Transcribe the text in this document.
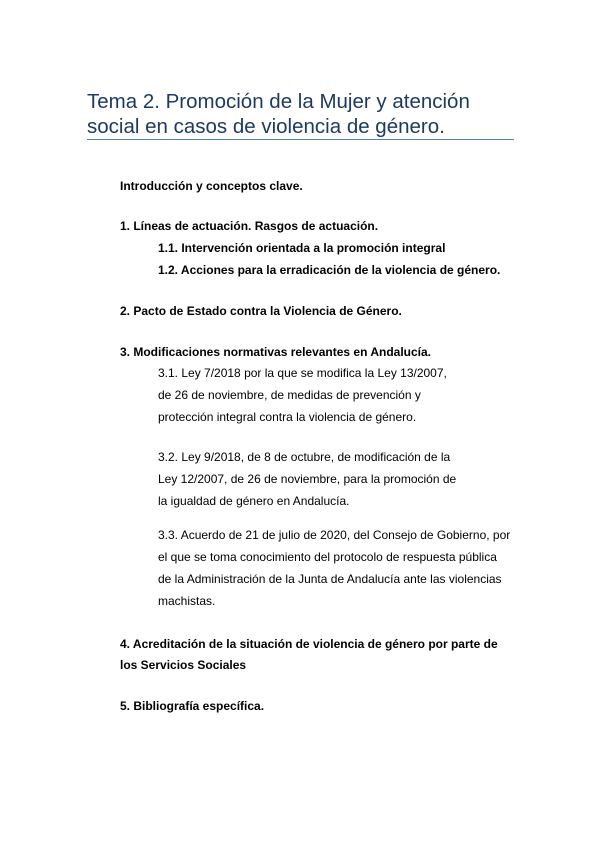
Tema 2. Promoción de la Mujer y atención
social en casos de violencia de género.
Introducción y conceptos clave.
1. Líneas de actuación. Rasgos de actuación.
1.1. Intervención orientada a la promoción integral
1.2. Acciones para la erradicación de la violencia de género.
2. Pacto de Estado contra la Violencia de Género.
3. Modificaciones normativas relevantes en Andalucía.

3.1. Ley 7/2018 por la que se modifica la Ley 13/2007,
de 26 de noviembre, de medidas de prevención y
protección integral contra la violencia de género.

3.2. Ley 9/2018, de 8 de octubre, de modificación de la
Ley 12/2007, de 26 de noviembre, para la promoción de
la igualdad de género en Andalucía.

3.3. Acuerdo de 21 de julio de 2020, del Consejo de Gobierno, por
el que se toma conocimiento del protocolo de respuesta pública
de la Administración de la Junta de Andalucía ante las violencias
machistas.

4. Acreditación de la situación de violencia de género por parte de
los Servicios Sociales
5. Bibliografía específica.
